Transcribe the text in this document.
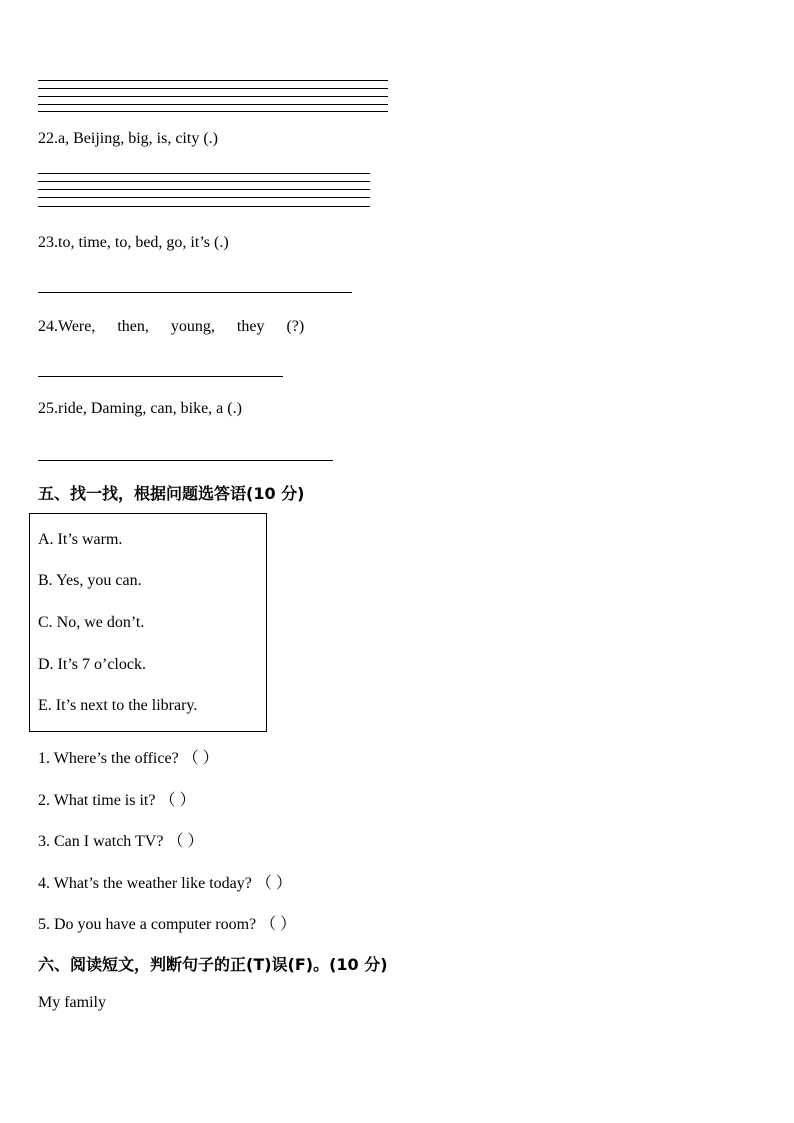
22.a, Beijing, big, is, city (.)
23.to, time, to, bed, go, it’s (.)
24.Were, then, young, they (?)
25.ride, Daming, can, bike, a (.)
五、找一找，根据问题选答语(10 分)
A. It’s warm.
B. Yes, you can.
C. No, we don’t.
D. It’s 7 o’clock.
E. It’s next to the library.
1. Where’s the office? （ ）
2. What time is it? （ ）
3. Can I watch TV? （ ）
4. What’s the weather like today? （ ）
5. Do you have a computer room? （ ）
六、阅读短文，判断句子的正(T)误(F)。(10 分)
My family
